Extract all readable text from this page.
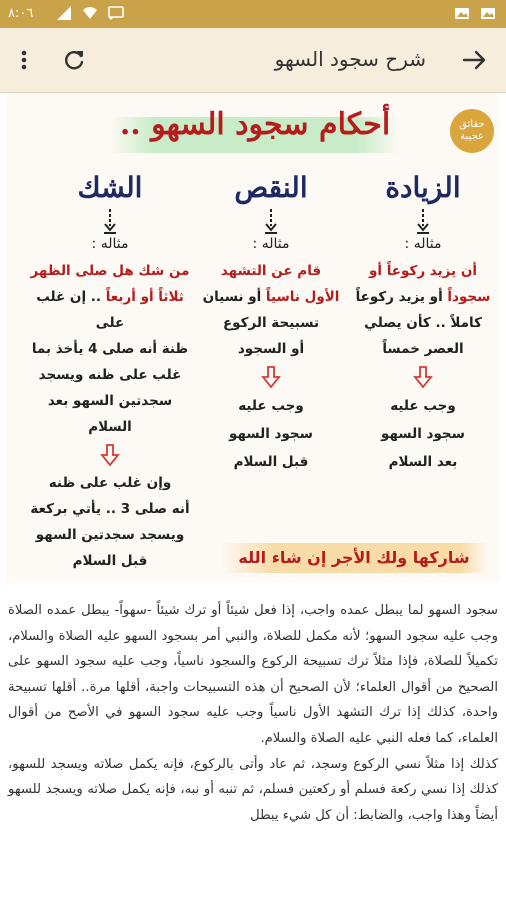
٨:٠٦
شرح سجود السهو
حقائق
عجيبة
أحكام سجود السهو ..
الزيادة
مثاله :
أن يزيد ركوعاً أو
سجوداً أو يزيد ركوعاً
كاملاً .. كأن يصلي
العصر خمساً
وجب عليه
سجود السهو
بعد السلام
النقص
مثاله :
قام عن التشهد
الأول ناسياً أو نسيان
تسبيحة الركوع
أو السجود
وجب عليه
سجود السهو
قبل السلام
الشك
مثاله :
من شك هل صلى الظهر
ثلاثاً أو أربعاً .. إن غلب على
ظنة أنه صلى 4 يأخذ بما
غلب على ظنه ويسجد
سجدتين السهو بعد السلام
وإن غلب على ظنه
أنه صلى 3 .. يأتي بركعة
ويسجد سجدتين السهو
قبل السلام	شاركها ولك الأجر إن شاء الله

سجود السهو لما يبطل عمده واجب، إذا فعل شيئاً أو ترك شيئاً -سهواً- يبطل عمده الصلاة وجب عليه سجود السهو؛ لأنه مكمل للصلاة، والنبي أمر بسجود السهو عليه الصلاة والسلام، تكميلاً للصلاة، فإذا مثلاً ترك تسبيحة الركوع والسجود ناسياً، وجب عليه سجود السهو على الصحيح من أقوال العلماء؛ لأن الصحيح أن هذه التسبيحات واجبة، أقلها مرة.. أقلها تسبيحة واحدة، كذلك إذا ترك التشهد الأول ناسياً وجب عليه سجود السهو في الأصح من أقوال العلماء، كما فعله النبي عليه الصلاة والسلام.

كذلك إذا مثلاً نسي الركوع وسجد، ثم عاد وأتى بالركوع، فإنه يكمل صلاته ويسجد للسهو، كذلك إذا نسي ركعة فسلم أو ركعتين فسلم، ثم تنبه أو نبه، فإنه يكمل صلاته ويسجد للسهو أيضاً وهذا واجب، والضابط: أن كل شيء يبطل
